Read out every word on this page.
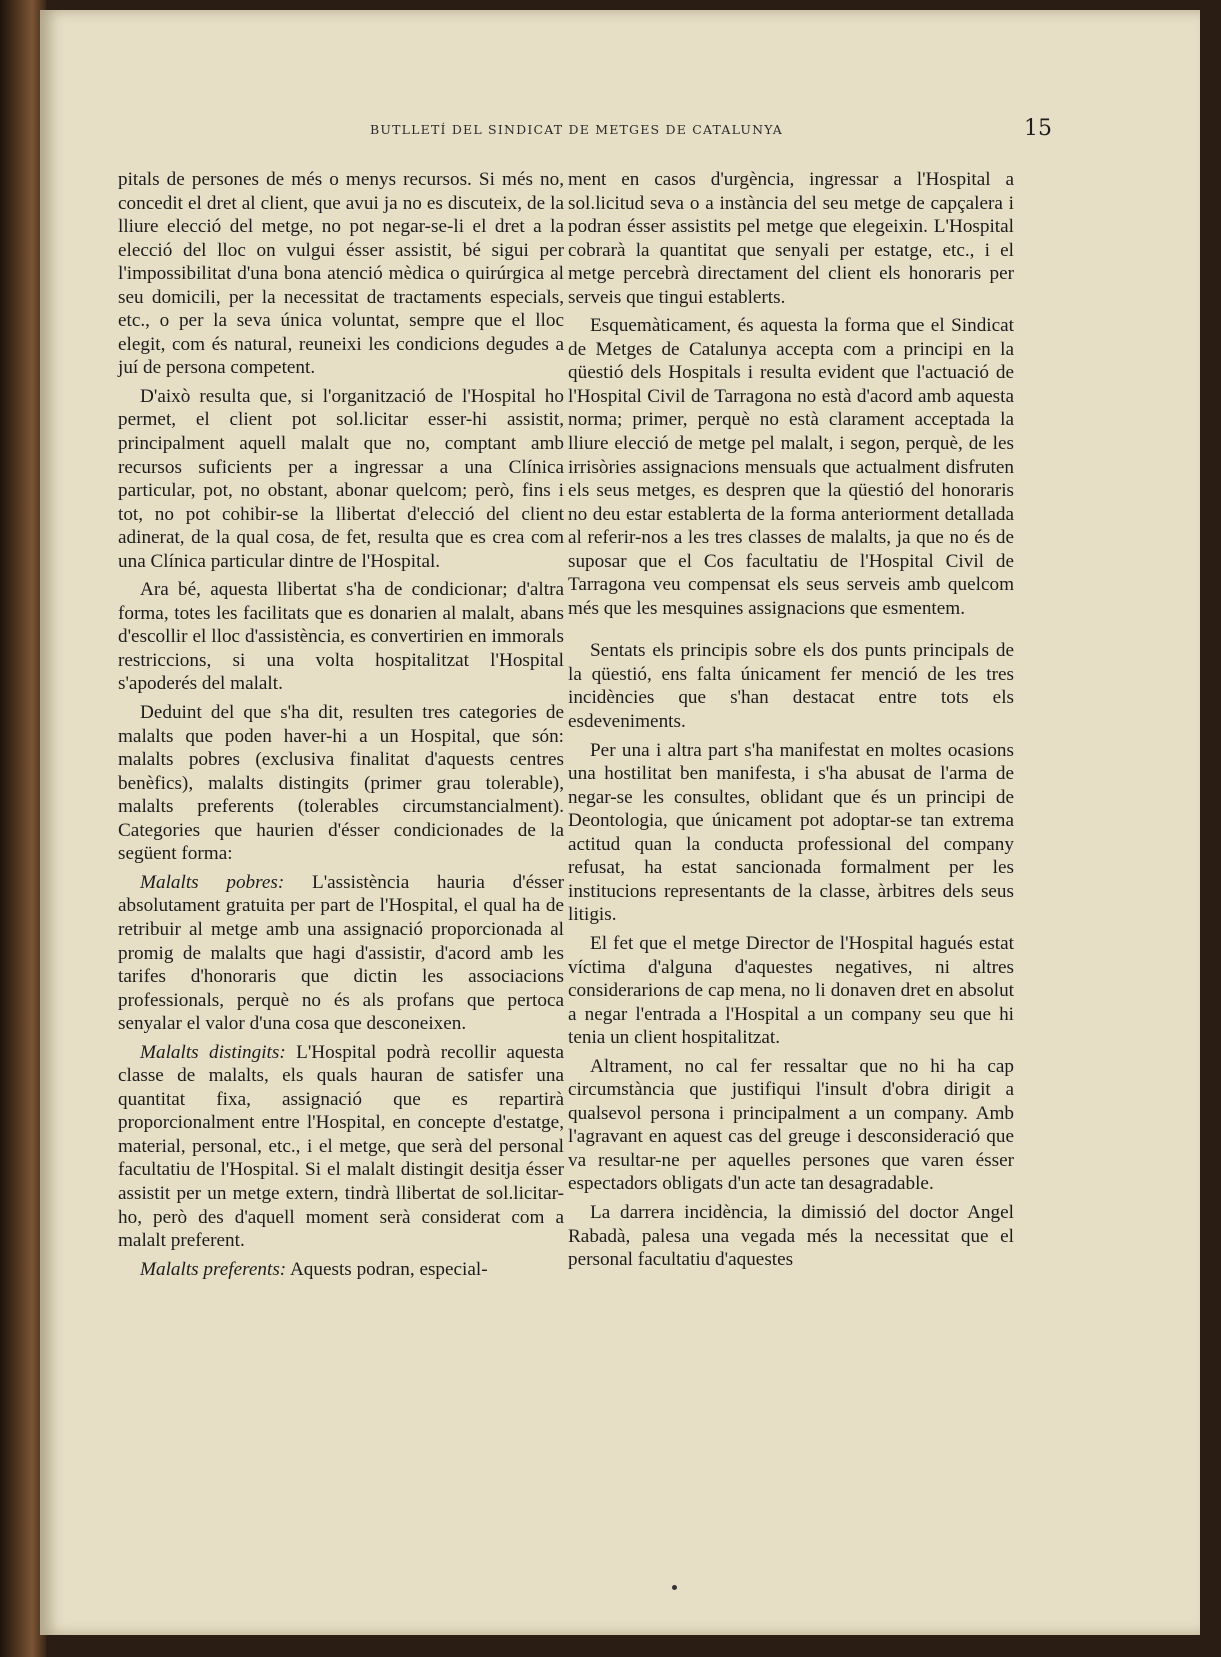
BUTLLETÍ DEL SINDICAT DE METGES DE CATALUNYA	15

pitals de persones de més o menys recursos. Si més no, concedit el dret al client, que avui ja no es discuteix, de la lliure elecció del metge, no pot negar-se-li el dret a la elecció del lloc on vulgui ésser assistit, bé sigui per l'impossibilitat d'una bona atenció mèdica o quirúrgica al seu domicili, per la necessitat de tractaments especials, etc., o per la seva única voluntat, sempre que el lloc elegit, com és natural, reuneixi les condicions degudes a juí de persona competent.

D'això resulta que, si l'organització de l'Hospital ho permet, el client pot sol.licitar esser-hi assistit, principalment aquell malalt que no, comptant amb recursos suficients per a ingressar a una Clínica particular, pot, no obstant, abonar quelcom; però, fins i tot, no pot cohibir-se la llibertat d'elecció del client adinerat, de la qual cosa, de fet, resulta que es crea com una Clínica particular dintre de l'Hospital.

Ara bé, aquesta llibertat s'ha de condicionar; d'altra forma, totes les facilitats que es donarien al malalt, abans d'escollir el lloc d'assistència, es convertirien en immorals restriccions, si una volta hospitalitzat l'Hospital s'apoderés del malalt.

Deduint del que s'ha dit, resulten tres categories de malalts que poden haver-hi a un Hospital, que són: malalts pobres (exclusiva finalitat d'aquests centres benèfics), malalts distingits (primer grau tolerable), malalts preferents (tolerables circumstancialment). Categories que haurien d'ésser condicionades de la següent forma:

Malalts pobres: L'assistència hauria d'ésser absolutament gratuita per part de l'Hospital, el qual ha de retribuir al metge amb una assignació proporcionada al promig de malalts que hagi d'assistir, d'acord amb les tarifes d'honoraris que dictin les associacions professionals, perquè no és als profans que pertoca senyalar el valor d'una cosa que desconeixen.

Malalts distingits: L'Hospital podrà recollir aquesta classe de malalts, els quals hauran de satisfer una quantitat fixa, assignació que es repartirà proporcionalment entre l'Hospital, en concepte d'estatge, material, personal, etc., i el metge, que serà del personal facultatiu de l'Hospital. Si el malalt distingit desitja ésser assistit per un metge extern, tindrà llibertat de sol.licitar-ho, però des d'aquell moment serà considerat com a malalt preferent.

Malalts preferents: Aquests podran, especial-

ment en casos d'urgència, ingressar a l'Hospital a sol.licitud seva o a instància del seu metge de capçalera i podran ésser assistits pel metge que elegeixin. L'Hospital cobrarà la quantitat que senyali per estatge, etc., i el metge percebrà directament del client els honoraris per serveis que tingui establerts.

Esquemàticament, és aquesta la forma que el Sindicat de Metges de Catalunya accepta com a principi en la qüestió dels Hospitals i resulta evident que l'actuació de l'Hospital Civil de Tarragona no està d'acord amb aquesta norma; primer, perquè no està clarament acceptada la lliure elecció de metge pel malalt, i segon, perquè, de les irrisòries assignacions mensuals que actualment disfruten els seus metges, es despren que la qüestió del honoraris no deu estar establerta de la forma anteriorment detallada al referir-nos a les tres classes de malalts, ja que no és de suposar que el Cos facultatiu de l'Hospital Civil de Tarragona veu compensat els seus serveis amb quelcom més que les mesquines assignacions que esmentem.

Sentats els principis sobre els dos punts principals de la qüestió, ens falta únicament fer menció de les tres incidències que s'han destacat entre tots els esdeveniments.

Per una i altra part s'ha manifestat en moltes ocasions una hostilitat ben manifesta, i s'ha abusat de l'arma de negar-se les consultes, oblidant que és un principi de Deontologia, que únicament pot adoptar-se tan extrema actitud quan la conducta professional del company refusat, ha estat sancionada formalment per les institucions representants de la classe, àrbitres dels seus litigis.

El fet que el metge Director de l'Hospital hagués estat víctima d'alguna d'aquestes negatives, ni altres considerarions de cap mena, no li donaven dret en absolut a negar l'entrada a l'Hospital a un company seu que hi tenia un client hospitalitzat.

Altrament, no cal fer ressaltar que no hi ha cap circumstància que justifiqui l'insult d'obra dirigit a qualsevol persona i principalment a un company. Amb l'agravant en aquest cas del greuge i desconsideració que va resultar-ne per aquelles persones que varen ésser espectadors obligats d'un acte tan desagradable.

La darrera incidència, la dimissió del doctor Angel Rabadà, palesa una vegada més la necessitat que el personal facultatiu d'aquestes
